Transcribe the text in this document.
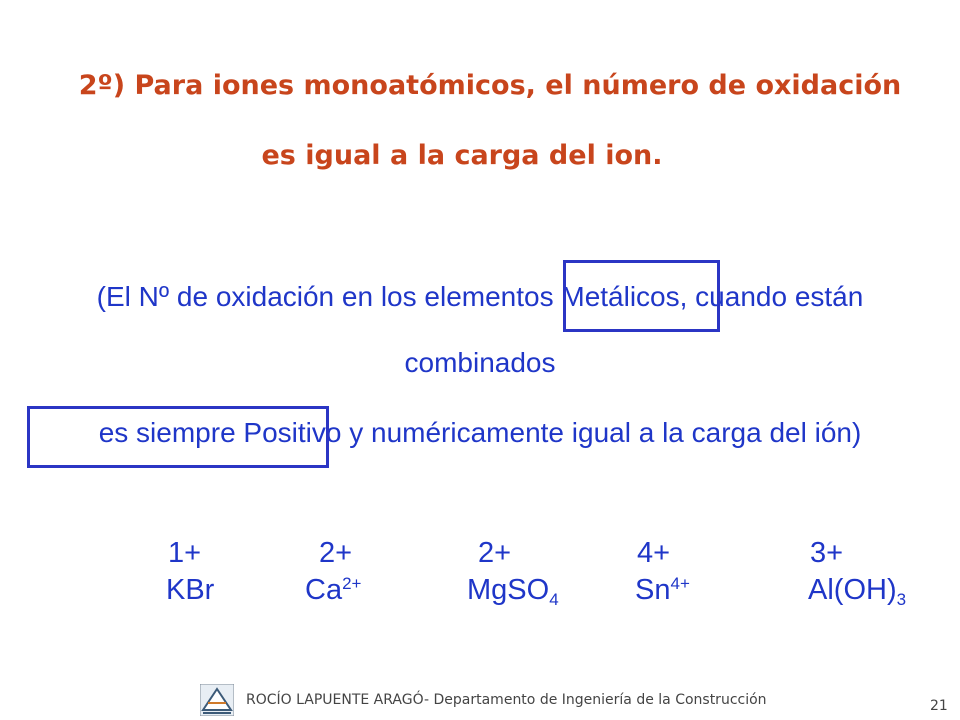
2º) Para iones monoatómicos, el número de oxidación
es igual a la carga del ion.
(El Nº de oxidación en los elementos Metálicos, cuando están
combinados
es siempre Positivo y numéricamente igual a la carga del ión)
1+	2+	2+	4+	3+
KBr	$Ca^{2+}$	MgSO$_4$	$Sn^{4+}$	$Al(OH)_3$
ROCÍO LAPUENTE ARAGÓ- Departamento de Ingeniería de la Construcción	21
